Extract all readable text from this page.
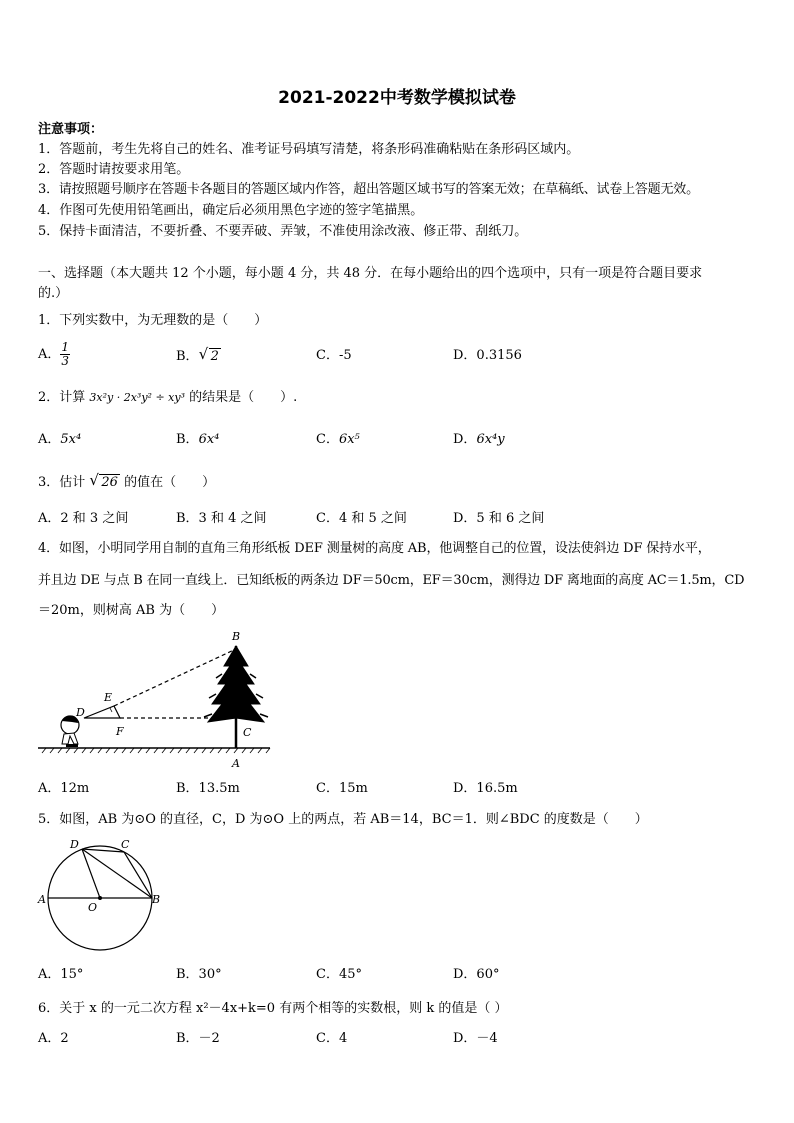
2021-2022中考数学模拟试卷
注意事项：
1．答题前，考生先将自己的姓名、准考证号码填写清楚，将条形码准确粘贴在条形码区域内。
2．答题时请按要求用笔。
3．请按照题号顺序在答题卡各题目的答题区域内作答，超出答题区域书写的答案无效；在草稿纸、试卷上答题无效。
4．作图可先使用铅笔画出，确定后必须用黑色字迹的签字笔描黑。
5．保持卡面清洁，不要折叠、不要弄破、弄皱，不准使用涂改液、修正带、刮纸刀。
一、选择题（本大题共 12 个小题，每小题 4 分，共 48 分．在每小题给出的四个选项中，只有一项是符合题目要求
的.）
1．下列实数中，为无理数的是（　　）
A． $\frac{1}{3}$	B．√ 2	C．-5	D．0.3156
2．计算 3x²y · 2x³y² ÷ xy³ 的结果是（　　）.
A．5x⁴	B．6x⁴	C．6x⁵	D．6x⁴y
3．估计 √ 26 的值在（　　）
A．2 和 3 之间	B．3 和 4 之间	C．4 和 5 之间	D．5 和 6 之间
4．如图，小明同学用自制的直角三角形纸板 DEF 测量树的高度 AB，他调整自己的位置，设法使斜边 DF 保持水平，
并且边 DE 与点 B 在同一直线上．已知纸板的两条边 DF＝50cm，EF＝30cm，测得边 DF 离地面的高度 AC＝1.5m，CD
＝20m，则树高 AB 为（　　）
B
E
D
F	C
A
A．12m	B．13.5m	C．15m	D．16.5m
5．如图，AB 为⊙O 的直径，C，D 为⊙O 上的两点，若 AB＝14，BC＝1．则∠BDC 的度数是（　　）
D	C
A
O
B
A．15°	B．30°	C．45°	D．60°
6．关于 x 的一元二次方程 x²－4x+k=0 有两个相等的实数根，则 k 的值是（ ）
A．2	B．－2	C．4	D．－4
